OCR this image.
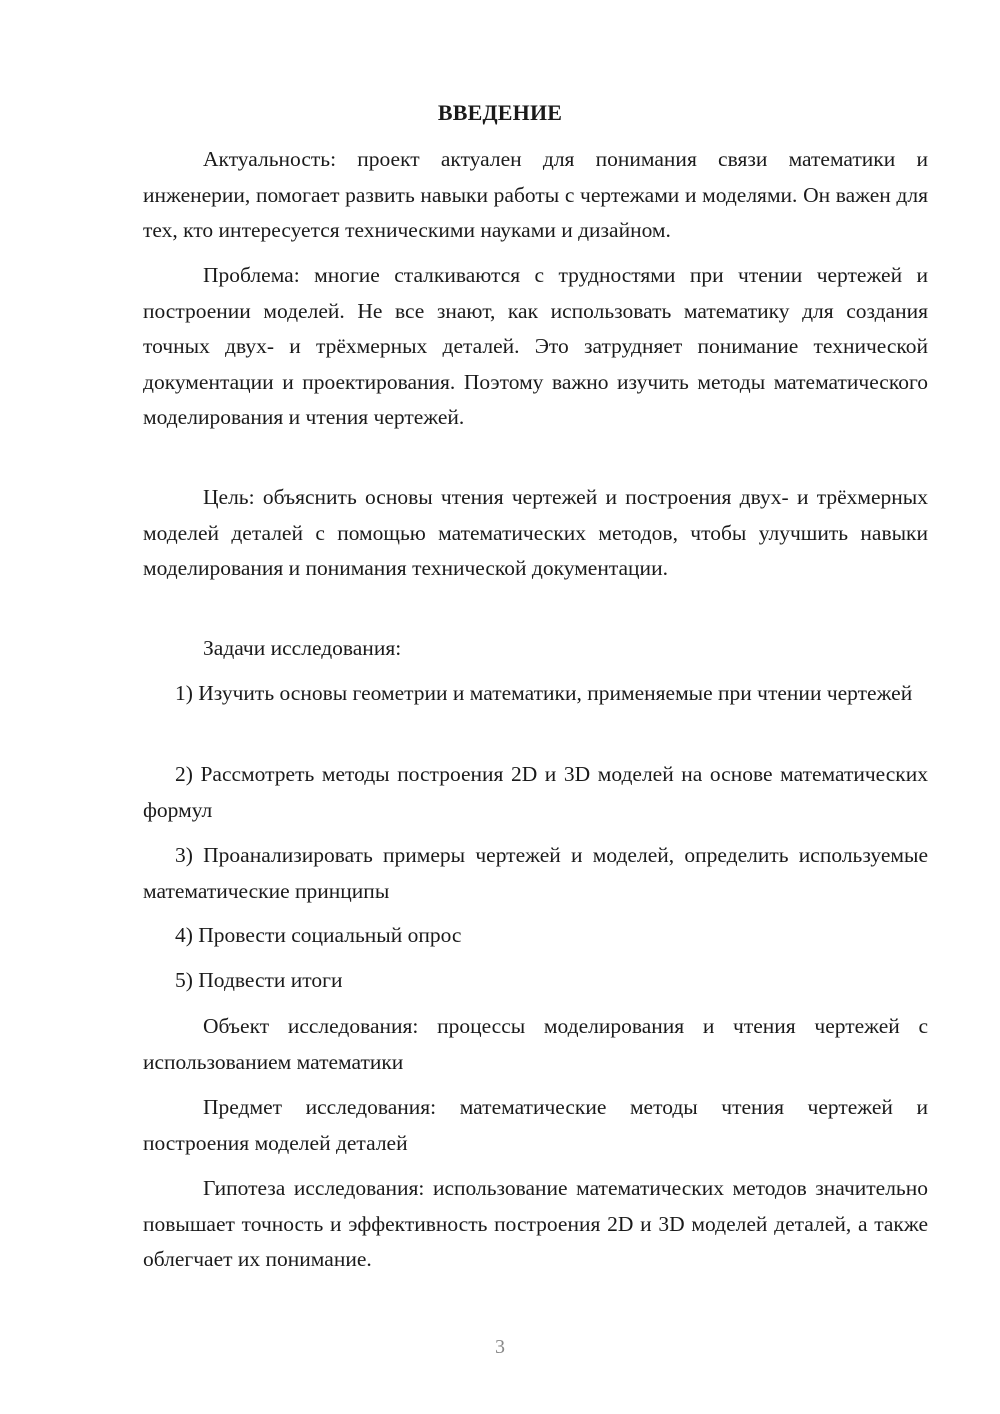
ВВЕДЕНИЕ

Актуальность: проект актуален для понимания связи математики и инженерии, помогает развить навыки работы с чертежами и моделями. Он важен для тех, кто интересуется техническими науками и дизайном.

Проблема: многие сталкиваются с трудностями при чтении чертежей и построении моделей. Не все знают, как использовать математику для создания точных двух- и трёхмерных деталей. Это затрудняет понимание технической документации и проектирования. Поэтому важно изучить методы математического моделирования и чтения чертежей.

Цель: объяснить основы чтения чертежей и построения двух- и трёхмерных моделей деталей с помощью математических методов, чтобы улучшить навыки моделирования и понимания технической документации.

Задачи исследования:

1) Изучить основы геометрии и математики, применяемые при чтении чертежей

2) Рассмотреть методы построения 2D и 3D моделей на основе математических формул

3) Проанализировать примеры чертежей и моделей, определить используемые математические принципы

4) Провести социальный опрос

5) Подвести итоги

Объект исследования: процессы моделирования и чтения чертежей с использованием математики

Предмет исследования: математические методы чтения чертежей и построения моделей деталей

Гипотеза исследования: использование математических методов значительно повышает точность и эффективность построения 2D и 3D моделей деталей, а также облегчает их понимание.

3
